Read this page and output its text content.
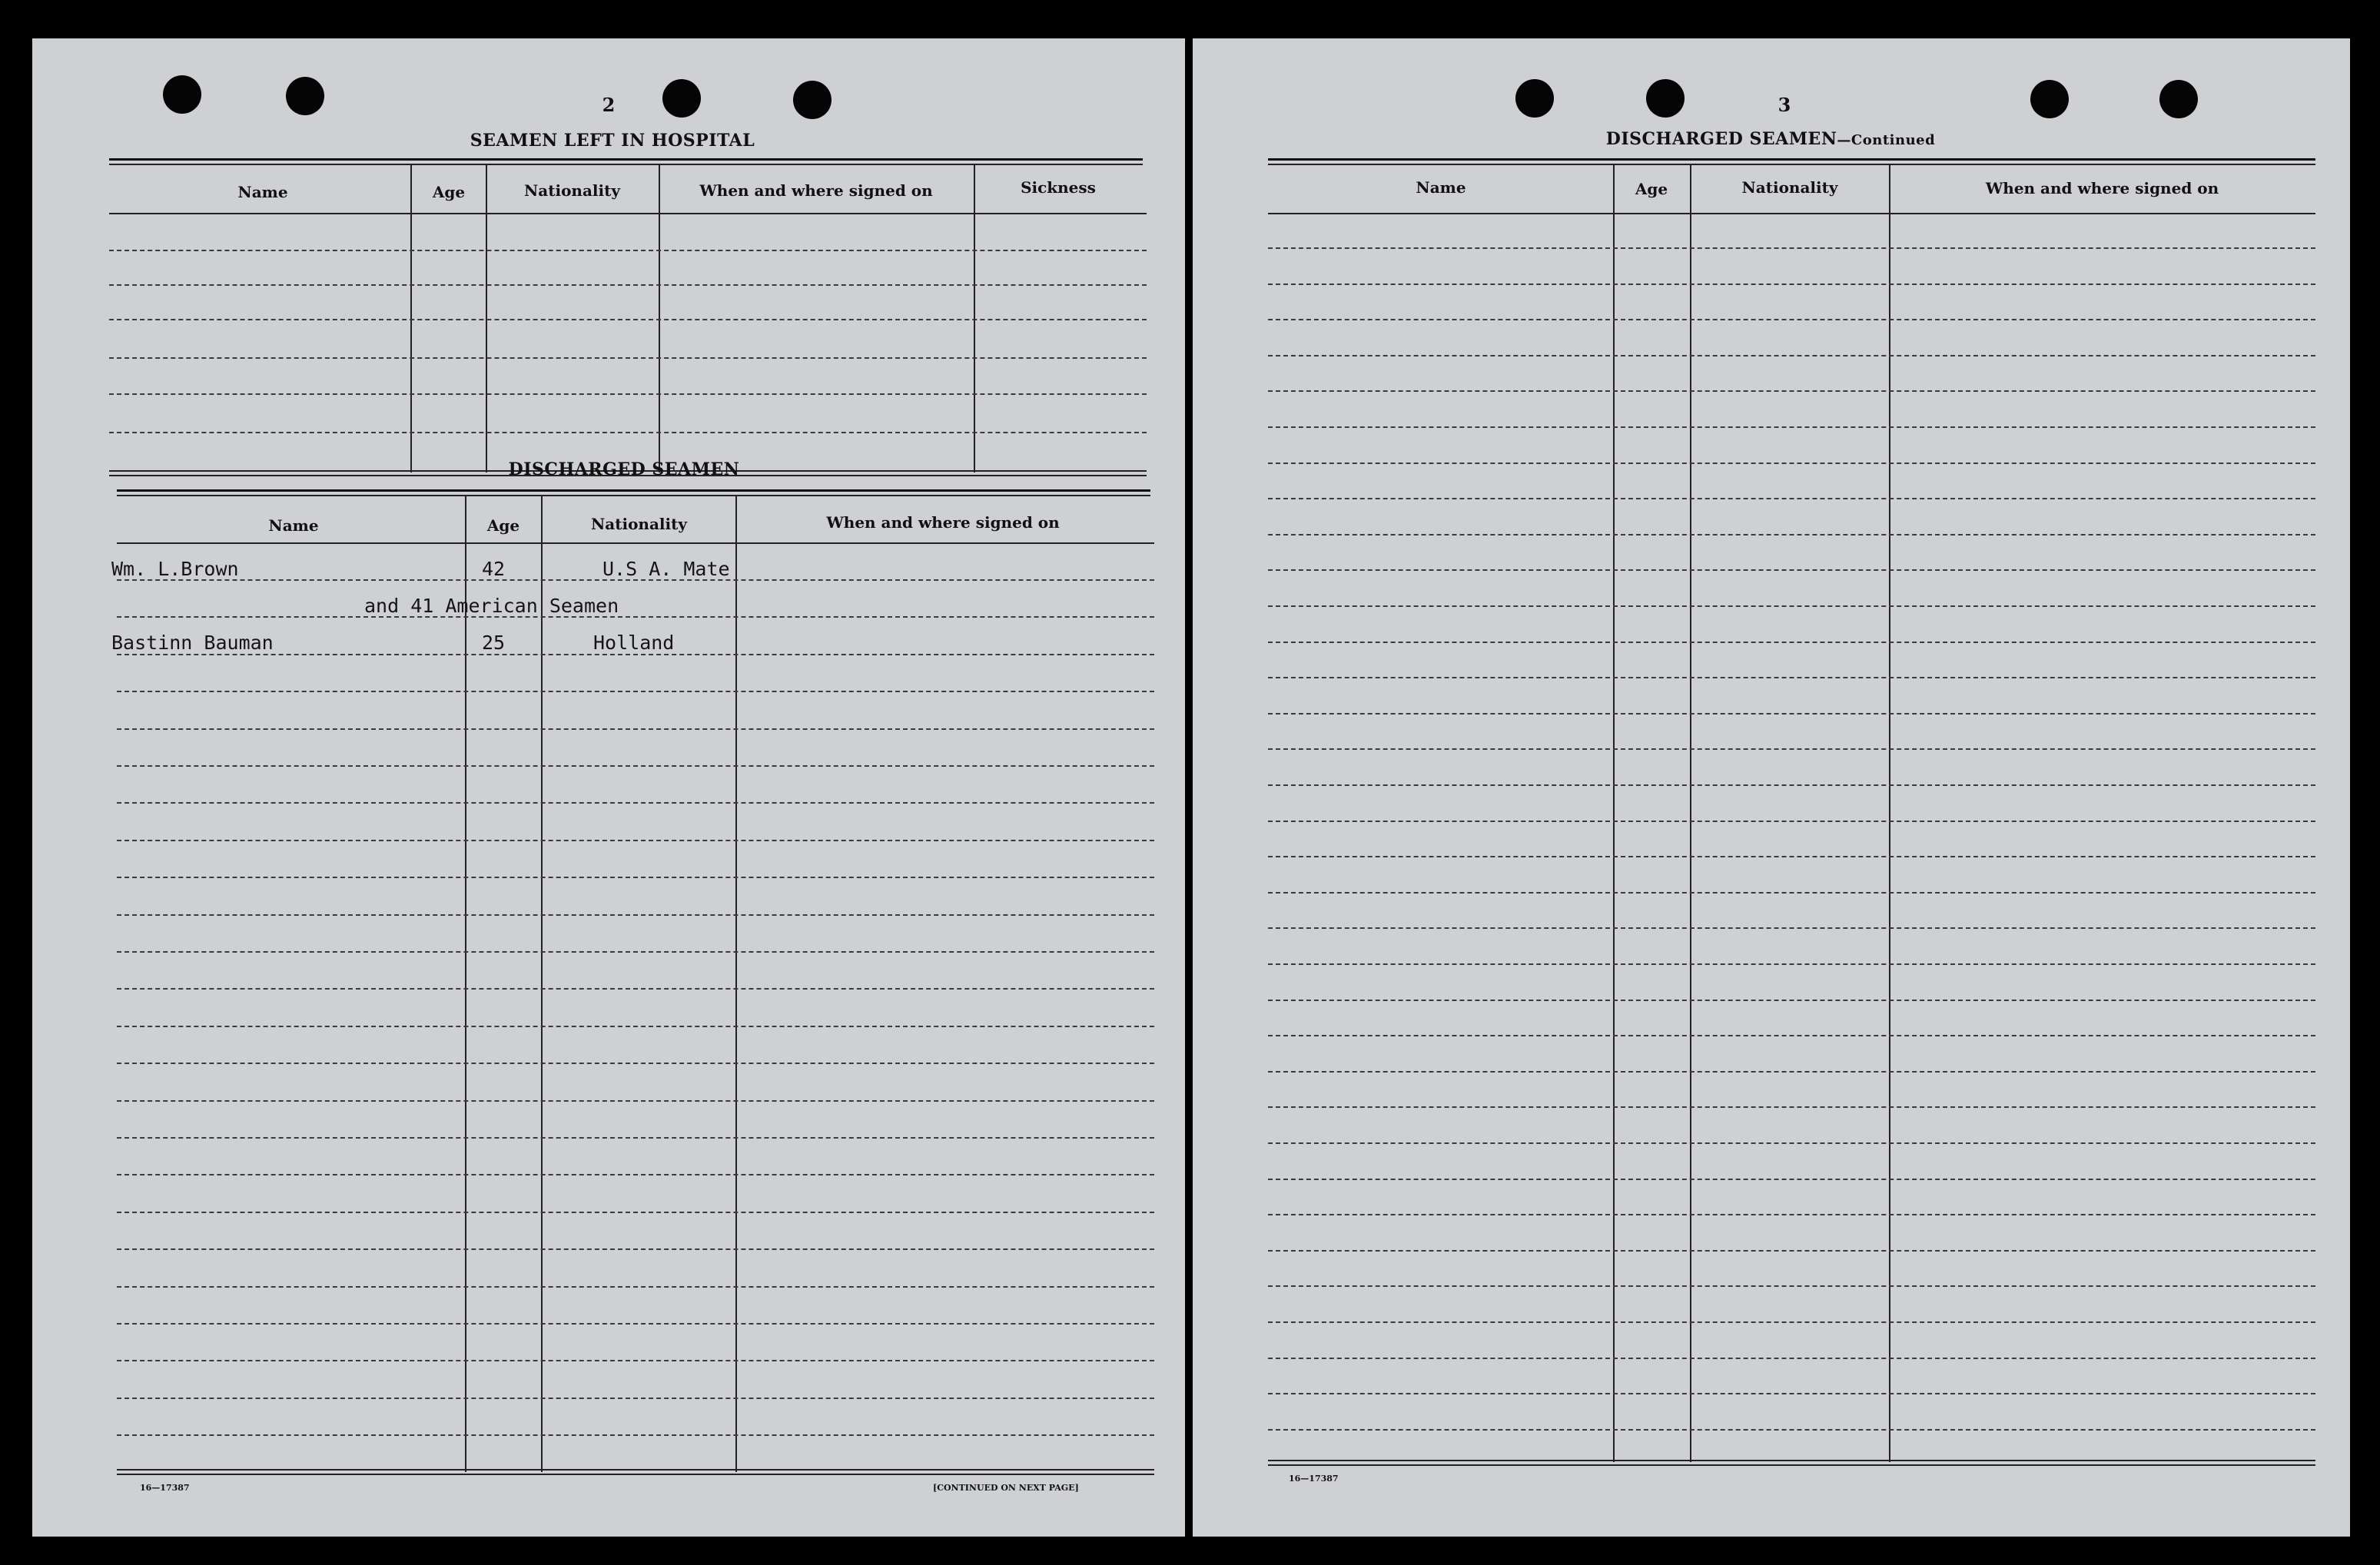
2
SEAMEN LEFT IN HOSPITAL
Name	Age	Nationality	When and where signed on	Sickness
DISCHARGED SEAMEN
Name	Age	Nationality	When and where signed on
Wm. L.Brown	42	U.S A. Mate
and 41 American Seamen
Bastinn Bauman	25	Holland
16—17387	[CONTINUED ON NEXT PAGE]
3
DISCHARGED SEAMEN—Continued
Name	Age	Nationality	When and where signed on
16—17387
